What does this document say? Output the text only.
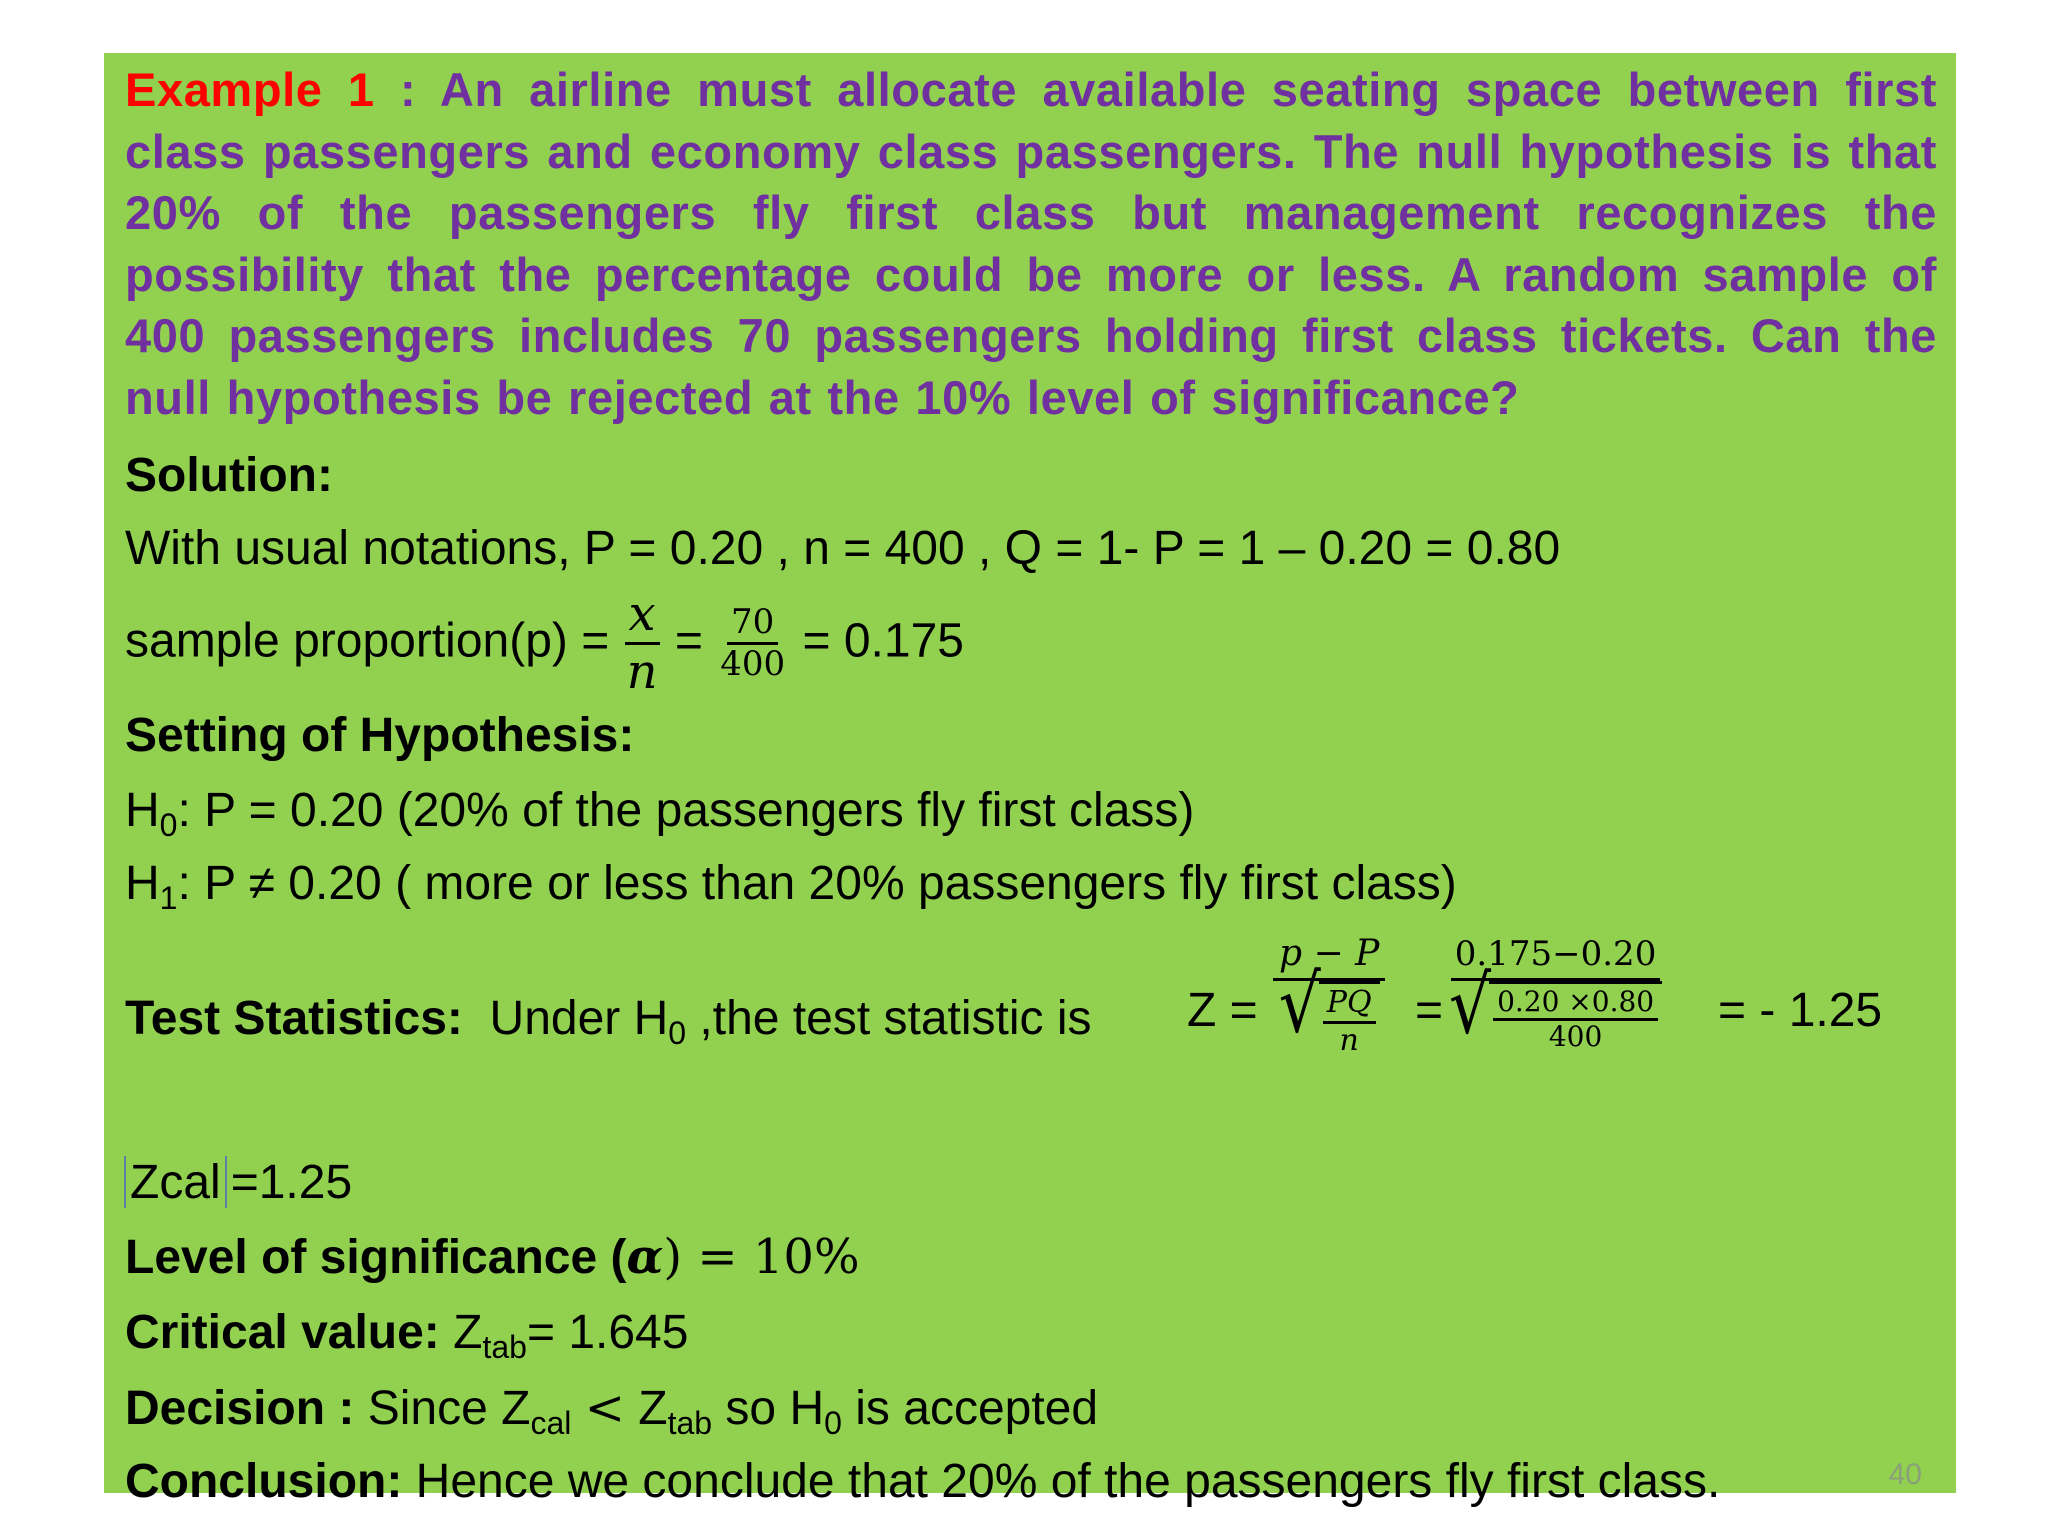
Example 1 : An airline must allocate available seating space between first class passengers and economy class passengers. The null hypothesis is that 20% of the passengers fly first class but management recognizes the possibility that the percentage could be more or less. A random sample of 400 passengers includes 70 passengers holding first class tickets. Can the null hypothesis be rejected at the 10% level of significance?
Solution:
With usual notations, P = 0.20 , n = 400 , Q = 1- P = 1 – 0.20 = 0.80
sample proportion(p) = $\frac{x}{n} = \frac{70}{400} = 0.175$
Setting of Hypothesis:
$H_0$: P = 0.20 (20% of the passengers fly first class)
$H_1$: P ≠ 0.20 ( more or less than 20% passengers fly first class)
Test Statistics: Under $H_0$ ,the test statistic is Z =
p − P
√ $\frac{PQ}{n}$ =
0.175−0.20
√ $\frac{0.20 \times 0.80}{400}$ = - 1.25
Zcal =1.25
Level of significance (α) = 10%
Critical value: $Z_{tab}= 1.645$
Decision : Since $Z_{cal} < Z_{tab}$ so $H_0$ is accepted
Conclusion: Hence we conclude that 20% of the passengers fly first class.	40
